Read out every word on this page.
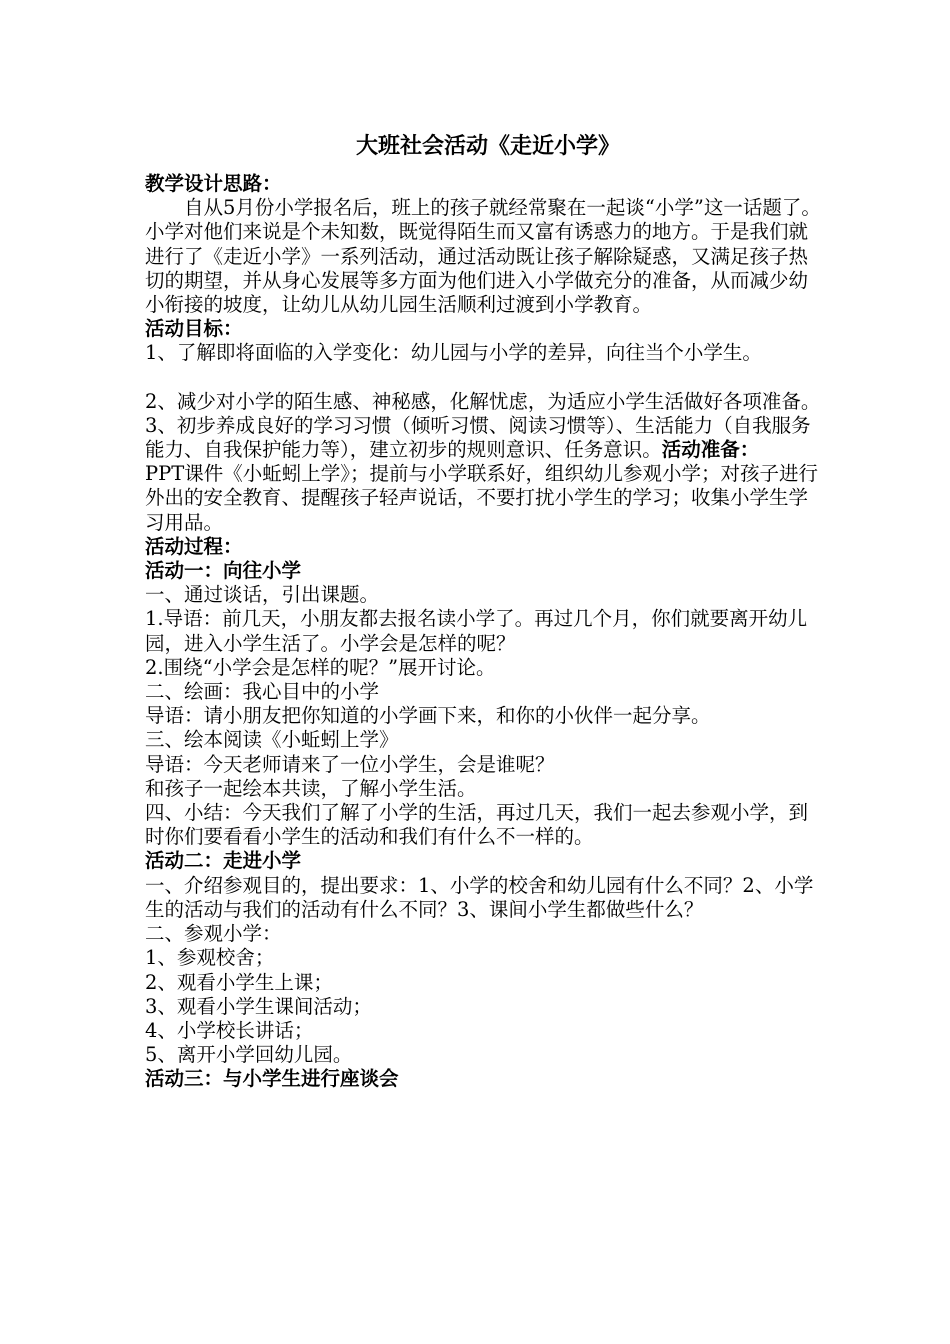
大班社会活动《走近小学》

教学设计思路：

自从5月份小学报名后，班上的孩子就经常聚在一起谈“小学”这一话题了。小学对他们来说是个未知数，既觉得陌生而又富有诱惑力的地方。于是我们就进行了《走近小学》一系列活动，通过活动既让孩子解除疑惑，又满足孩子热切的期望，并从身心发展等多方面为他们进入小学做充分的准备，从而减少幼小衔接的坡度，让幼儿从幼儿园生活顺利过渡到小学教育。

活动目标：

1、了解即将面临的入学变化：幼儿园与小学的差异，向往当个小学生。

2、减少对小学的陌生感、神秘感，化解忧虑，为适应小学生活做好各项准备。

3、初步养成良好的学习习惯（倾听习惯、阅读习惯等）、生活能力（自我服务能力、自我保护能力等），建立初步的规则意识、任务意识。活动准备：

PPT课件《小蚯蚓上学》；提前与小学联系好，组织幼儿参观小学；对孩子进行外出的安全教育、提醒孩子轻声说话，不要打扰小学生的学习；收集小学生学习用品。

活动过程：

活动一：向往小学

一、通过谈话，引出课题。

1.导语：前几天，小朋友都去报名读小学了。再过几个月，你们就要离开幼儿园，进入小学生活了。小学会是怎样的呢？

2.围绕“小学会是怎样的呢？”展开讨论。

二、绘画：我心目中的小学

导语：请小朋友把你知道的小学画下来，和你的小伙伴一起分享。

三、绘本阅读《小蚯蚓上学》

导语：今天老师请来了一位小学生，会是谁呢？

和孩子一起绘本共读，了解小学生活。

四、小结：今天我们了解了小学的生活，再过几天，我们一起去参观小学，到时你们要看看小学生的活动和我们有什么不一样的。

活动二：走进小学

一、介绍参观目的，提出要求：1、小学的校舍和幼儿园有什么不同？2、小学生的活动与我们的活动有什么不同？3、课间小学生都做些什么？

二、参观小学：

1、参观校舍；

2、观看小学生上课；

3、观看小学生课间活动；

4、小学校长讲话；

5、离开小学回幼儿园。

活动三：与小学生进行座谈会
